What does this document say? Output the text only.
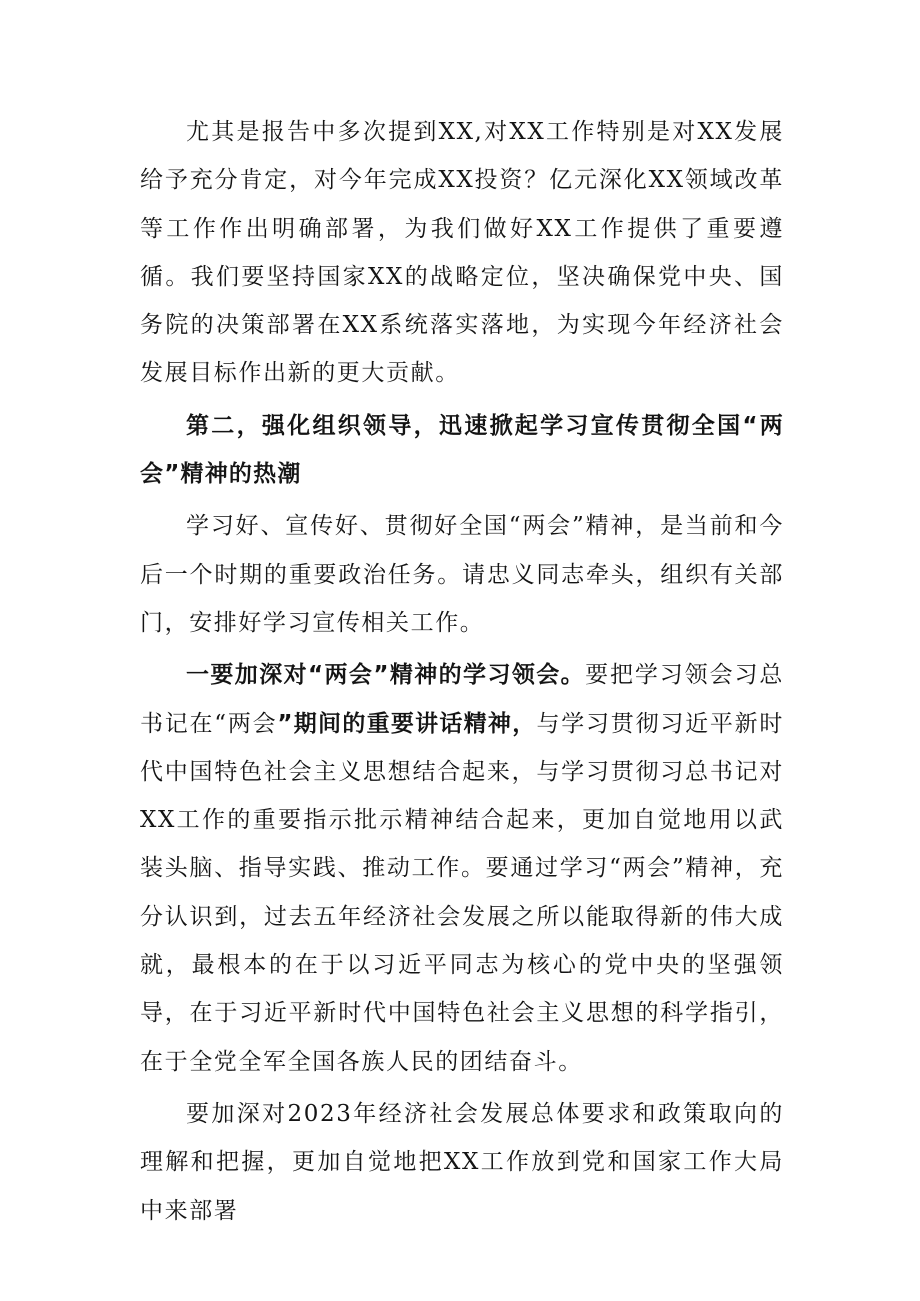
尤其是报告中多次提到XX,对XX工作特别是对XX发展给予充分肯定，对今年完成XX投资？亿元深化XX领域改革等工作作出明确部署，为我们做好XX工作提供了重要遵循。我们要坚持国家XX的战略定位，坚决确保党中央、国务院的决策部署在XX系统落实落地，为实现今年经济社会发展目标作出新的更大贡献。

第二，强化组织领导，迅速掀起学习宣传贯彻全国“两会”精神的热潮

学习好、宣传好、贯彻好全国“两会”精神，是当前和今后一个时期的重要政治任务。请忠义同志牵头，组织有关部门，安排好学习宣传相关工作。

一要加深对“两会”精神的学习领会。要把学习领会习总书记在“两会”期间的重要讲话精神，与学习贯彻习近平新时代中国特色社会主义思想结合起来，与学习贯彻习总书记对XX工作的重要指示批示精神结合起来，更加自觉地用以武装头脑、指导实践、推动工作。要通过学习“两会”精神，充分认识到，过去五年经济社会发展之所以能取得新的伟大成就，最根本的在于以习近平同志为核心的党中央的坚强领导，在于习近平新时代中国特色社会主义思想的科学指引，在于全党全军全国各族人民的团结奋斗。

要加深对2023年经济社会发展总体要求和政策取向的理解和把握，更加自觉地把XX工作放到党和国家工作大局中来部署
